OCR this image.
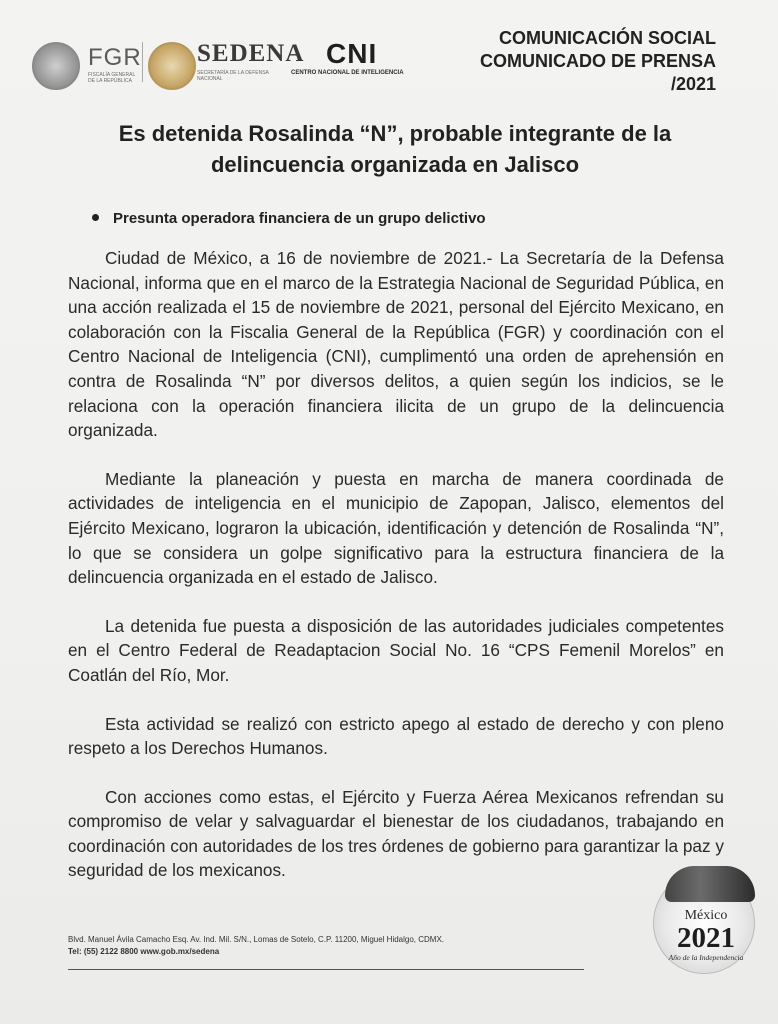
FGR
FISCALÍA GENERAL DE LA REPÚBLICA
SEDENA
SECRETARÍA DE LA DEFENSA NACIONAL
CNI
CENTRO NACIONAL DE INTELIGENCIA
COMUNICACIÓN SOCIAL
COMUNICADO DE PRENSA
/2021
Es detenida Rosalinda “N”, probable integrante de la delincuencia organizada en Jalisco
Presunta operadora financiera de un grupo delictivo

Ciudad de México, a 16 de noviembre de 2021.- La Secretaría de la Defensa Nacional, informa que en el marco de la Estrategia Nacional de Seguridad Pública, en una acción realizada el 15 de noviembre de 2021, personal del Ejército Mexicano, en colaboración con la Fiscalia General de la República (FGR) y coordinación con el Centro Nacional de Inteligencia (CNI), cumplimentó una orden de aprehensión en contra de Rosalinda “N” por diversos delitos, a quien según los indicios, se le relaciona con la operación financiera ilicita de un grupo de la delincuencia organizada.

Mediante la planeación y puesta en marcha de manera coordinada de actividades de inteligencia en el municipio de Zapopan, Jalisco, elementos del Ejército Mexicano, lograron la ubicación, identificación y detención de Rosalinda “N”, lo que se considera un golpe significativo para la estructura financiera de la delincuencia organizada en el estado de Jalisco.

La detenida fue puesta a disposición de las autoridades judiciales competentes en el Centro Federal de Readaptacion Social No. 16 “CPS Femenil Morelos” en Coatlán del Río, Mor.

Esta actividad se realizó con estricto apego al estado de derecho y con pleno respeto a los Derechos Humanos.

Con acciones como estas, el Ejército y Fuerza Aérea Mexicanos refrendan su compromiso de velar y salvaguardar el bienestar de los ciudadanos, trabajando en coordinación con autoridades de los tres órdenes de gobierno para garantizar la paz y seguridad de los mexicanos.

Blvd. Manuel Ávila Camacho Esq. Av. Ind. Mil. S/N., Lomas de Sotelo, C.P. 11200, Miguel Hidalgo, CDMX.
Tel: (55) 2122 8800 www.gob.mx/sedena
México
2021
Año de la Independencia
